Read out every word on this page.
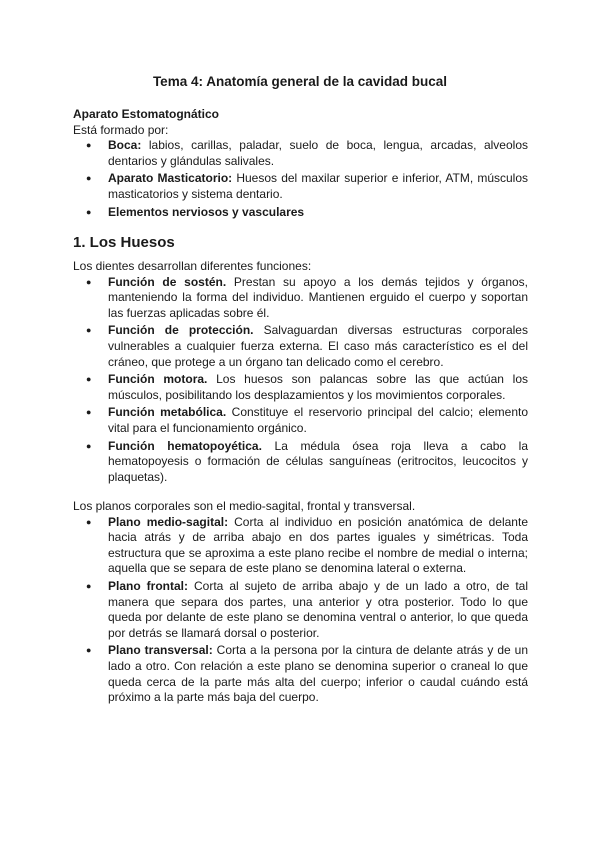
Tema 4: Anatomía general de la cavidad bucal

Aparato Estomatognático

Está formado por:

● Boca: labios, carillas, paladar, suelo de boca, lengua, arcadas, alveolos dentarios y glándulas salivales.
● Aparato Masticatorio: Huesos del maxilar superior e inferior, ATM, músculos masticatorios y sistema dentario.
● Elementos nerviosos y vasculares
1. Los Huesos

Los dientes desarrollan diferentes funciones:

● Función de sostén. Prestan su apoyo a los demás tejidos y órganos, manteniendo la forma del individuo. Mantienen erguido el cuerpo y soportan las fuerzas aplicadas sobre él.
● Función de protección. Salvaguardan diversas estructuras corporales vulnerables a cualquier fuerza externa. El caso más característico es el del cráneo, que protege a un órgano tan delicado como el cerebro.
● Función motora. Los huesos son palancas sobre las que actúan los músculos, posibilitando los desplazamientos y los movimientos corporales.
● Función metabólica. Constituye el reservorio principal del calcio; elemento vital para el funcionamiento orgánico.
● Función hematopoyética. La médula ósea roja lleva a cabo la hematopoyesis o formación de células sanguíneas (eritrocitos, leucocitos y plaquetas).

Los planos corporales son el medio-sagital, frontal y transversal.

● Plano medio-sagital: Corta al individuo en posición anatómica de delante hacia atrás y de arriba abajo en dos partes iguales y simétricas. Toda estructura que se aproxima a este plano recibe el nombre de medial o interna; aquella que se separa de este plano se denomina lateral o externa.
● Plano frontal: Corta al sujeto de arriba abajo y de un lado a otro, de tal manera que separa dos partes, una anterior y otra posterior. Todo lo que queda por delante de este plano se denomina ventral o anterior, lo que queda por detrás se llamará dorsal o posterior.
● Plano transversal: Corta a la persona por la cintura de delante atrás y de un lado a otro. Con relación a este plano se denomina superior o craneal lo que queda cerca de la parte más alta del cuerpo; inferior o caudal cuándo está próximo a la parte más baja del cuerpo.
